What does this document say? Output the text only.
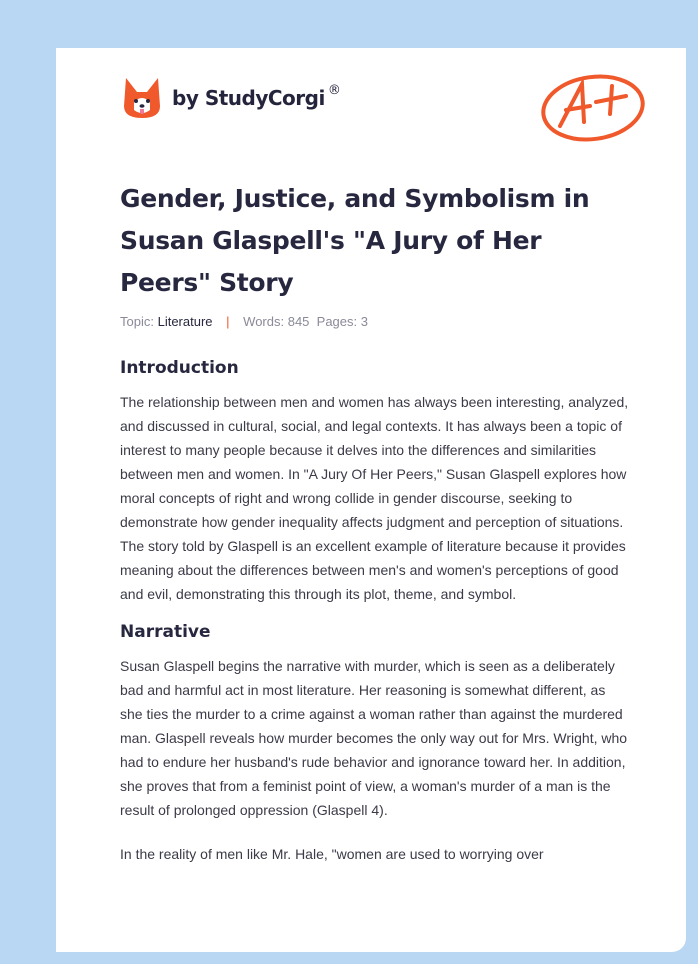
by StudyCorgi ®
Gender, Justice, and Symbolism in Susan Glaspell's "A Jury of Her Peers" Story
Topic: Literature | Words: 845 Pages: 3
Introduction

The relationship between men and women has always been interesting, analyzed, and discussed in cultural, social, and legal contexts. It has always been a topic of interest to many people because it delves into the differences and similarities between men and women. In "A Jury Of Her Peers," Susan Glaspell explores how moral concepts of right and wrong collide in gender discourse, seeking to demonstrate how gender inequality affects judgment and perception of situations. The story told by Glaspell is an excellent example of literature because it provides meaning about the differences between men's and women's perceptions of good and evil, demonstrating this through its plot, theme, and symbol.

Narrative

Susan Glaspell begins the narrative with murder, which is seen as a deliberately bad and harmful act in most literature. Her reasoning is somewhat different, as she ties the murder to a crime against a woman rather than against the murdered man. Glaspell reveals how murder becomes the only way out for Mrs. Wright, who had to endure her husband's rude behavior and ignorance toward her. In addition, she proves that from a feminist point of view, a woman's murder of a man is the result of prolonged oppression (Glaspell 4).

In the reality of men like Mr. Hale, "women are used to worrying over
